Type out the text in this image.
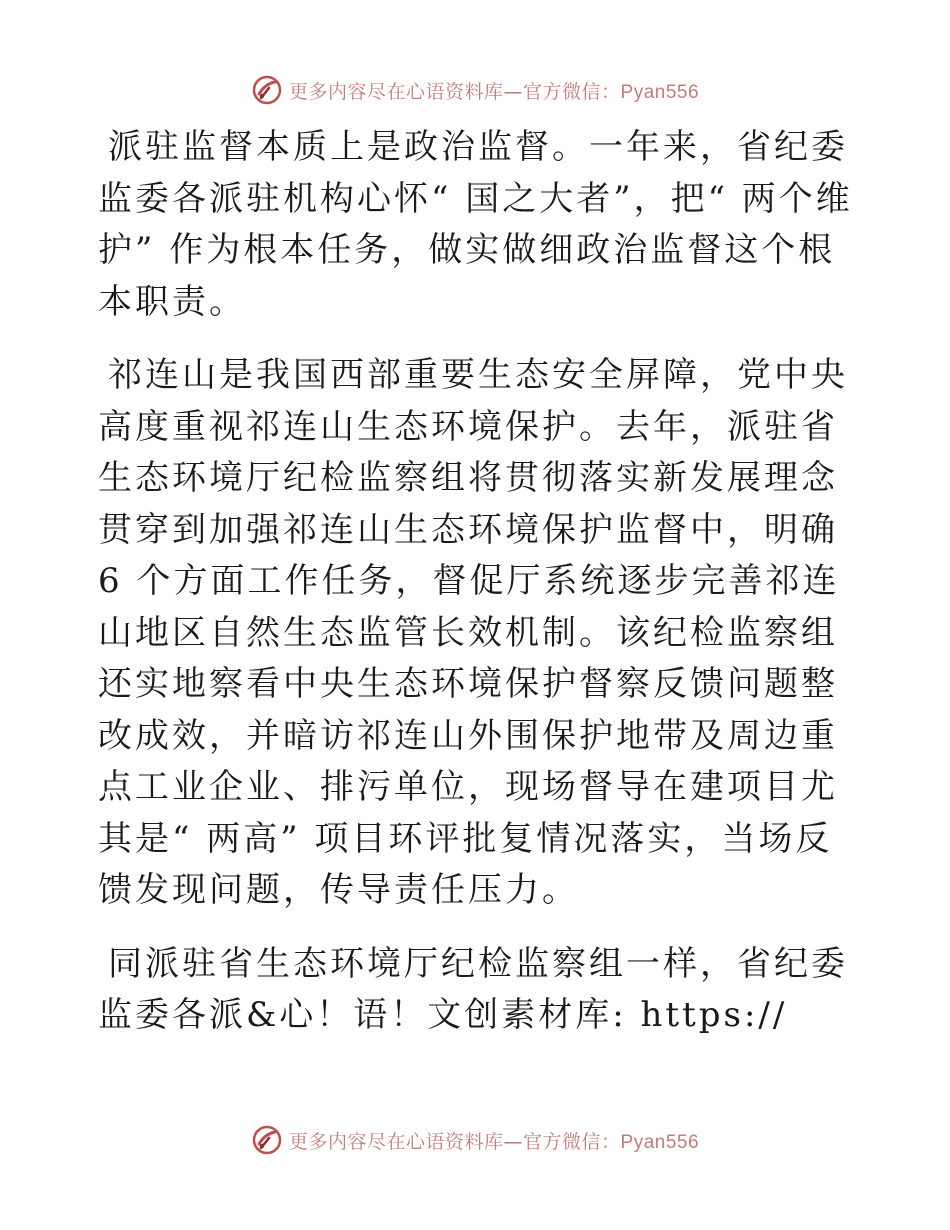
更多内容尽在心语资料库—官方微信：Pyan556

派驻监督本质上是政治监督。一年来，省纪委监委各派驻机构心怀“ 国之大者”，把“ 两个维护” 作为根本任务，做实做细政治监督这个根本职责。

祁连山是我国西部重要生态安全屏障，党中央高度重视祁连山生态环境保护。去年，派驻省生态环境厅纪检监察组将贯彻落实新发展理念贯穿到加强祁连山生态环境保护监督中，明确 6 个方面工作任务，督促厅系统逐步完善祁连山地区自然生态监管长效机制。该纪检监察组还实地察看中央生态环境保护督察反馈问题整改成效，并暗访祁连山外围保护地带及周边重点工业企业、排污单位，现场督导在建项目尤其是“ 两高” 项目环评批复情况落实，当场反馈发现问题，传导责任压力。

同派驻省生态环境厅纪检监察组一样，省纪委监委各派&心！语！文创素材库: https://

更多内容尽在心语资料库—官方微信：Pyan556
